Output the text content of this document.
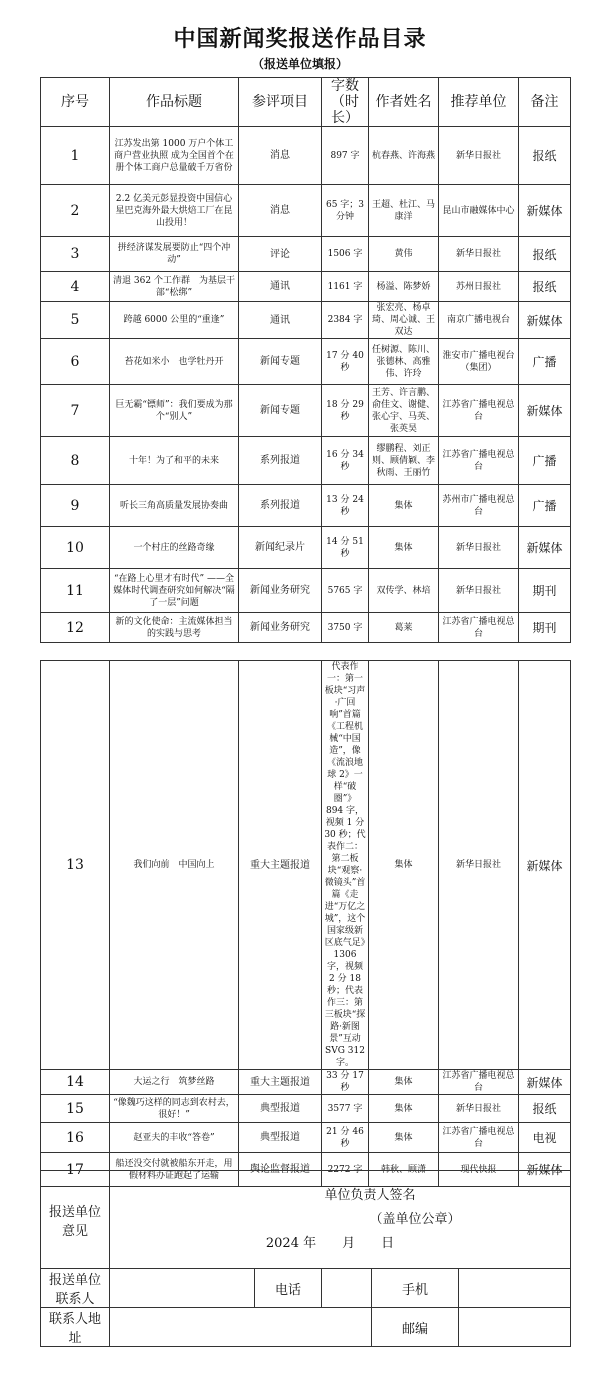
中国新闻奖报送作品目录
（报送单位填报）
序号	作品标题	参评项目	字数（时长）	作者姓名	推荐单位	备注
1	江苏发出第 1000 万户个体工商户营业执照 成为全国首个在册个体工商户总量破千万省份	消息	897 字	杭春燕、许海燕	新华日报社	报纸
2	2.2 亿美元彭显投资中国信心 星巴克海外最大烘焙工厂在昆山投用！	消息	65 字；3 分钟	王超、杜江、马康洋	昆山市融媒体中心	新媒体
3	拼经济谋发展要防止“四个冲动”	评论	1506 字	黄伟	新华日报社	报纸
4	清退 362 个工作群　为基层干部“松绑”	通讯	1161 字	杨溢、陈梦娇	苏州日报社	报纸
5	跨越 6000 公里的“重逢”	通讯	2384 字	张宏亮、杨卓琦、周心诚、王双达	南京广播电视台	新媒体
6	苔花如米小　也学牡丹开	新闻专题	17 分 40 秒	任树源、陈川、张德林、高雅伟、许玲	淮安市广播电视台（集团）	广播
7	巨无霸“镖师”：我们要成为那个“别人”	新闻专题	18 分 29 秒	王芳、许言鹏、俞佳文、谢健、张心宇、马英、张英昊	江苏省广播电视总台	新媒体
8	十年！为了和平的未来	系列报道	16 分 34 秒	缪鹏程、刘正则、顾倩颖、李秋雨、王丽竹	江苏省广播电视总台	广播
9	听长三角高质量发展协奏曲	系列报道	13 分 24 秒	集体	苏州市广播电视总台	广播
10	一个村庄的丝路奇缘	新闻纪录片	14 分 51 秒	集体	新华日报社	新媒体
11	“在路上心里才有时代” ——全媒体时代调查研究如何解决“隔了一层”问题	新闻业务研究	5765 字	双传学、林培	新华日报社	期刊
12	新的文化使命：主流媒体担当的实践与思考	新闻业务研究	3750 字	葛莱	江苏省广播电视总台	期刊
13	我们向前　中国向上	重大主题报道	代表作一：第一板块“习声·广回响”首篇《工程机械“中国造”，像《流浪地球 2》一样“破圈”》 894 字，视频 1 分 30 秒；代表作二：第二板块“观察·微镜头”首篇《走进“万亿之城”，这个国家级新区底气足》1306 字，视频 2 分 18 秒；代表作三：第三板块“探路·新图景”互动 SVG 312 字。	集体	新华日报社	新媒体
14	大运之行　筑梦丝路	重大主题报道	33 分 17 秒	集体	江苏省广播电视总台	新媒体
15	“像魏巧这样的同志到农村去，很好！”	典型报道	3577 字	集体	新华日报社	报纸
16	赵亚夫的丰收“答卷”	典型报道	21 分 46 秒	集体	江苏省广播电视总台	电视
17	船还没交付就被船东开走，用假材料办证跑起了运输	舆论监督报道	2272 字	韩秋、顾潇	现代快报	新媒体
报送单位意见	单位负责人签名
（盖单位公章）
2024 年　　月　　日				

报送单位联系人		电话		手机	
联系人地址				邮编	
